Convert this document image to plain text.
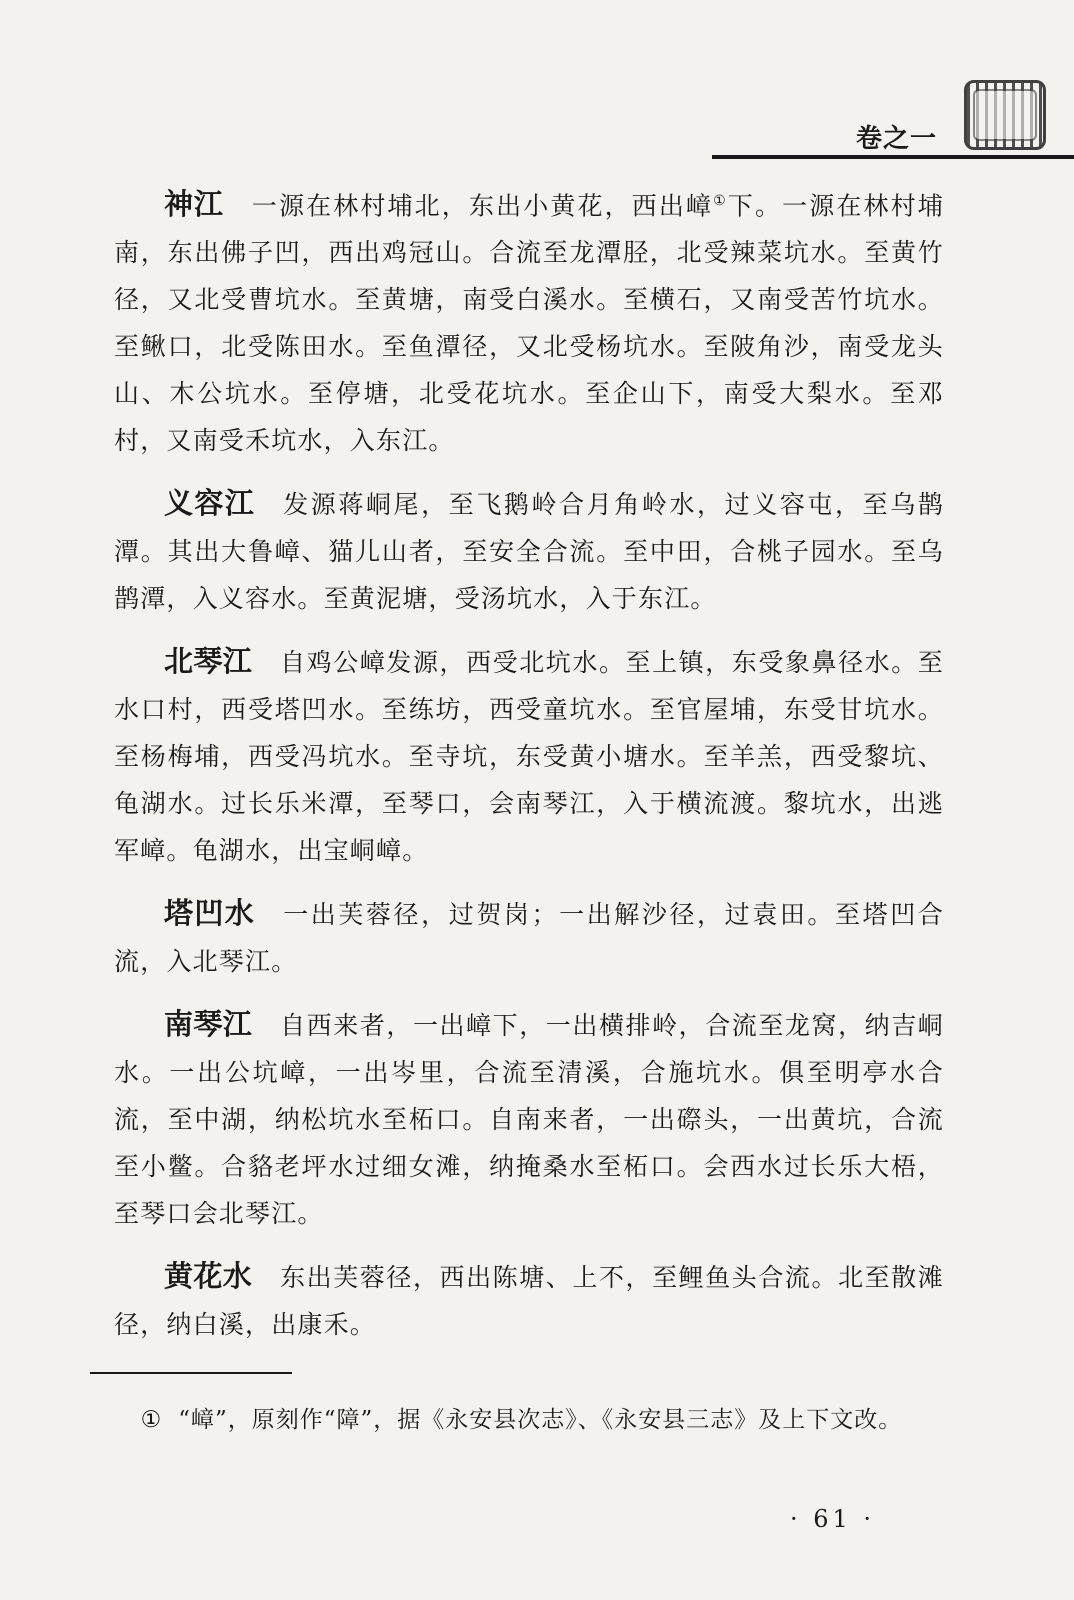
卷之一

神江 一源在林村埔北，东出小黄花，西出嶂①下。一源在林村埔南，东出佛子凹，西出鸡冠山。合流至龙潭胫，北受辣菜坑水。至黄竹径，又北受曹坑水。至黄塘，南受白溪水。至横石，又南受苦竹坑水。至鳅口，北受陈田水。至鱼潭径，又北受杨坑水。至陂角沙，南受龙头山、木公坑水。至停塘，北受花坑水。至企山下，南受大梨水。至邓村，又南受禾坑水，入东江。

义容江 发源蒋峒尾，至飞鹅岭合月角岭水，过义容屯，至乌鹊潭。其出大鲁嶂、猫儿山者，至安全合流。至中田，合桃子园水。至乌鹊潭，入义容水。至黄泥塘，受汤坑水，入于东江。

北琴江 自鸡公嶂发源，西受北坑水。至上镇，东受象鼻径水。至水口村，西受塔凹水。至练坊，西受童坑水。至官屋埔，东受甘坑水。至杨梅埔，西受冯坑水。至寺坑，东受黄小塘水。至羊羔，西受黎坑、龟湖水。过长乐米潭，至琴口，会南琴江，入于横流渡。黎坑水，出逃军嶂。龟湖水，出宝峒嶂。

塔凹水 一出芙蓉径，过贺岗；一出解沙径，过袁田。至塔凹合流，入北琴江。

南琴江 自西来者，一出嶂下，一出横排岭，合流至龙窝，纳吉峒水。一出公坑嶂，一出岑里，合流至清溪，合施坑水。俱至明亭水合流，至中湖，纳松坑水至柘口。自南来者，一出磜头，一出黄坑，合流至小鳖。合貉老坪水过细女滩，纳掩桑水至柘口。会西水过长乐大梧，至琴口会北琴江。

黄花水 东出芙蓉径，西出陈塘、上不，至鲤鱼头合流。北至散滩径，纳白溪，出康禾。

① “嶂”，原刻作“障”，据《永安县次志》、《永安县三志》及上下文改。
· 61 ·
